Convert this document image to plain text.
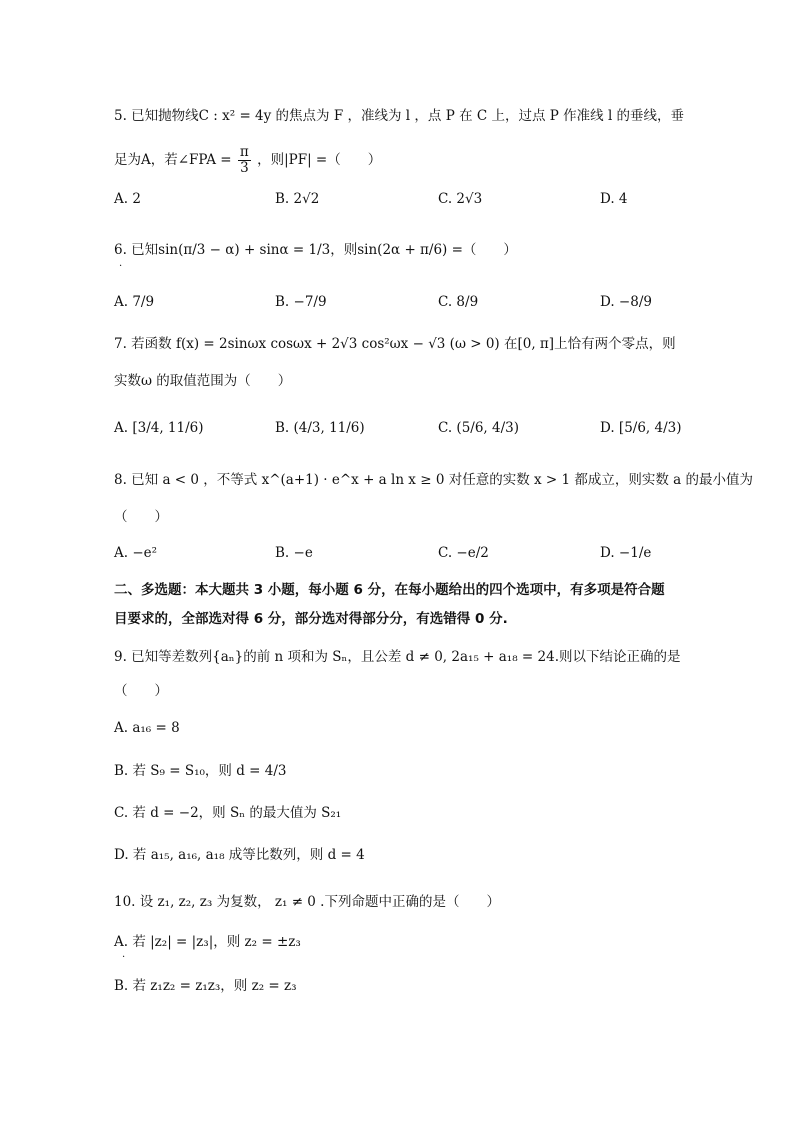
5. 已知抛物线C : x² = 4y 的焦点为 F ，准线为 l ，点 P 在 C 上，过点 P 作准线 l 的垂线，垂
足为A，若∠FPA = $\frac{\pi}{3}$ ，则|PF| =（　　）
A. 2	B. 2√2	C. 2√3	D. 4
6. 已知sin(π/3 − α) + sinα = 1/3，则sin(2α + π/6) =（　　）
.
A. 7/9	B. −7/9	C. 8/9	D. −8/9
7. 若函数 f(x) = 2sinωx cosωx + 2√3 cos²ωx − √3 (ω > 0) 在[0, π]上恰有两个零点，则
实数ω 的取值范围为（　　）
A. [3/4, 11/6)	B. (4/3, 11/6)	C. (5/6, 4/3)	D. [5/6, 4/3)
8. 已知 a < 0 ，不等式 x^(a+1) · e^x + a ln x ≥ 0 对任意的实数 x > 1 都成立，则实数 a 的最小值为
（　　）
A. −e²	B. −e	C. −e/2	D. −1/e
二、多选题：本大题共 3 小题，每小题 6 分，在每小题给出的四个选项中，有多项是符合题
目要求的，全部选对得 6 分，部分选对得部分分，有选错得 0 分.
9. 已知等差数列{aₙ}的前 n 项和为 Sₙ，且公差 d ≠ 0, 2a₁₅ + a₁₈ = 24.则以下结论正确的是
（　　）
A. a₁₆ = 8
B. 若 S₉ = S₁₀，则 d = 4/3
C. 若 d = −2，则 Sₙ 的最大值为 S₂₁
D. 若 a₁₅, a₁₆, a₁₈ 成等比数列，则 d = 4
10. 设 z₁, z₂, z₃ 为复数， z₁ ≠ 0 .下列命题中正确的是（　　）
A. 若 |z₂| = |z₃|，则 z₂ = ±z₃
.
B. 若 z₁z₂ = z₁z₃，则 z₂ = z₃
